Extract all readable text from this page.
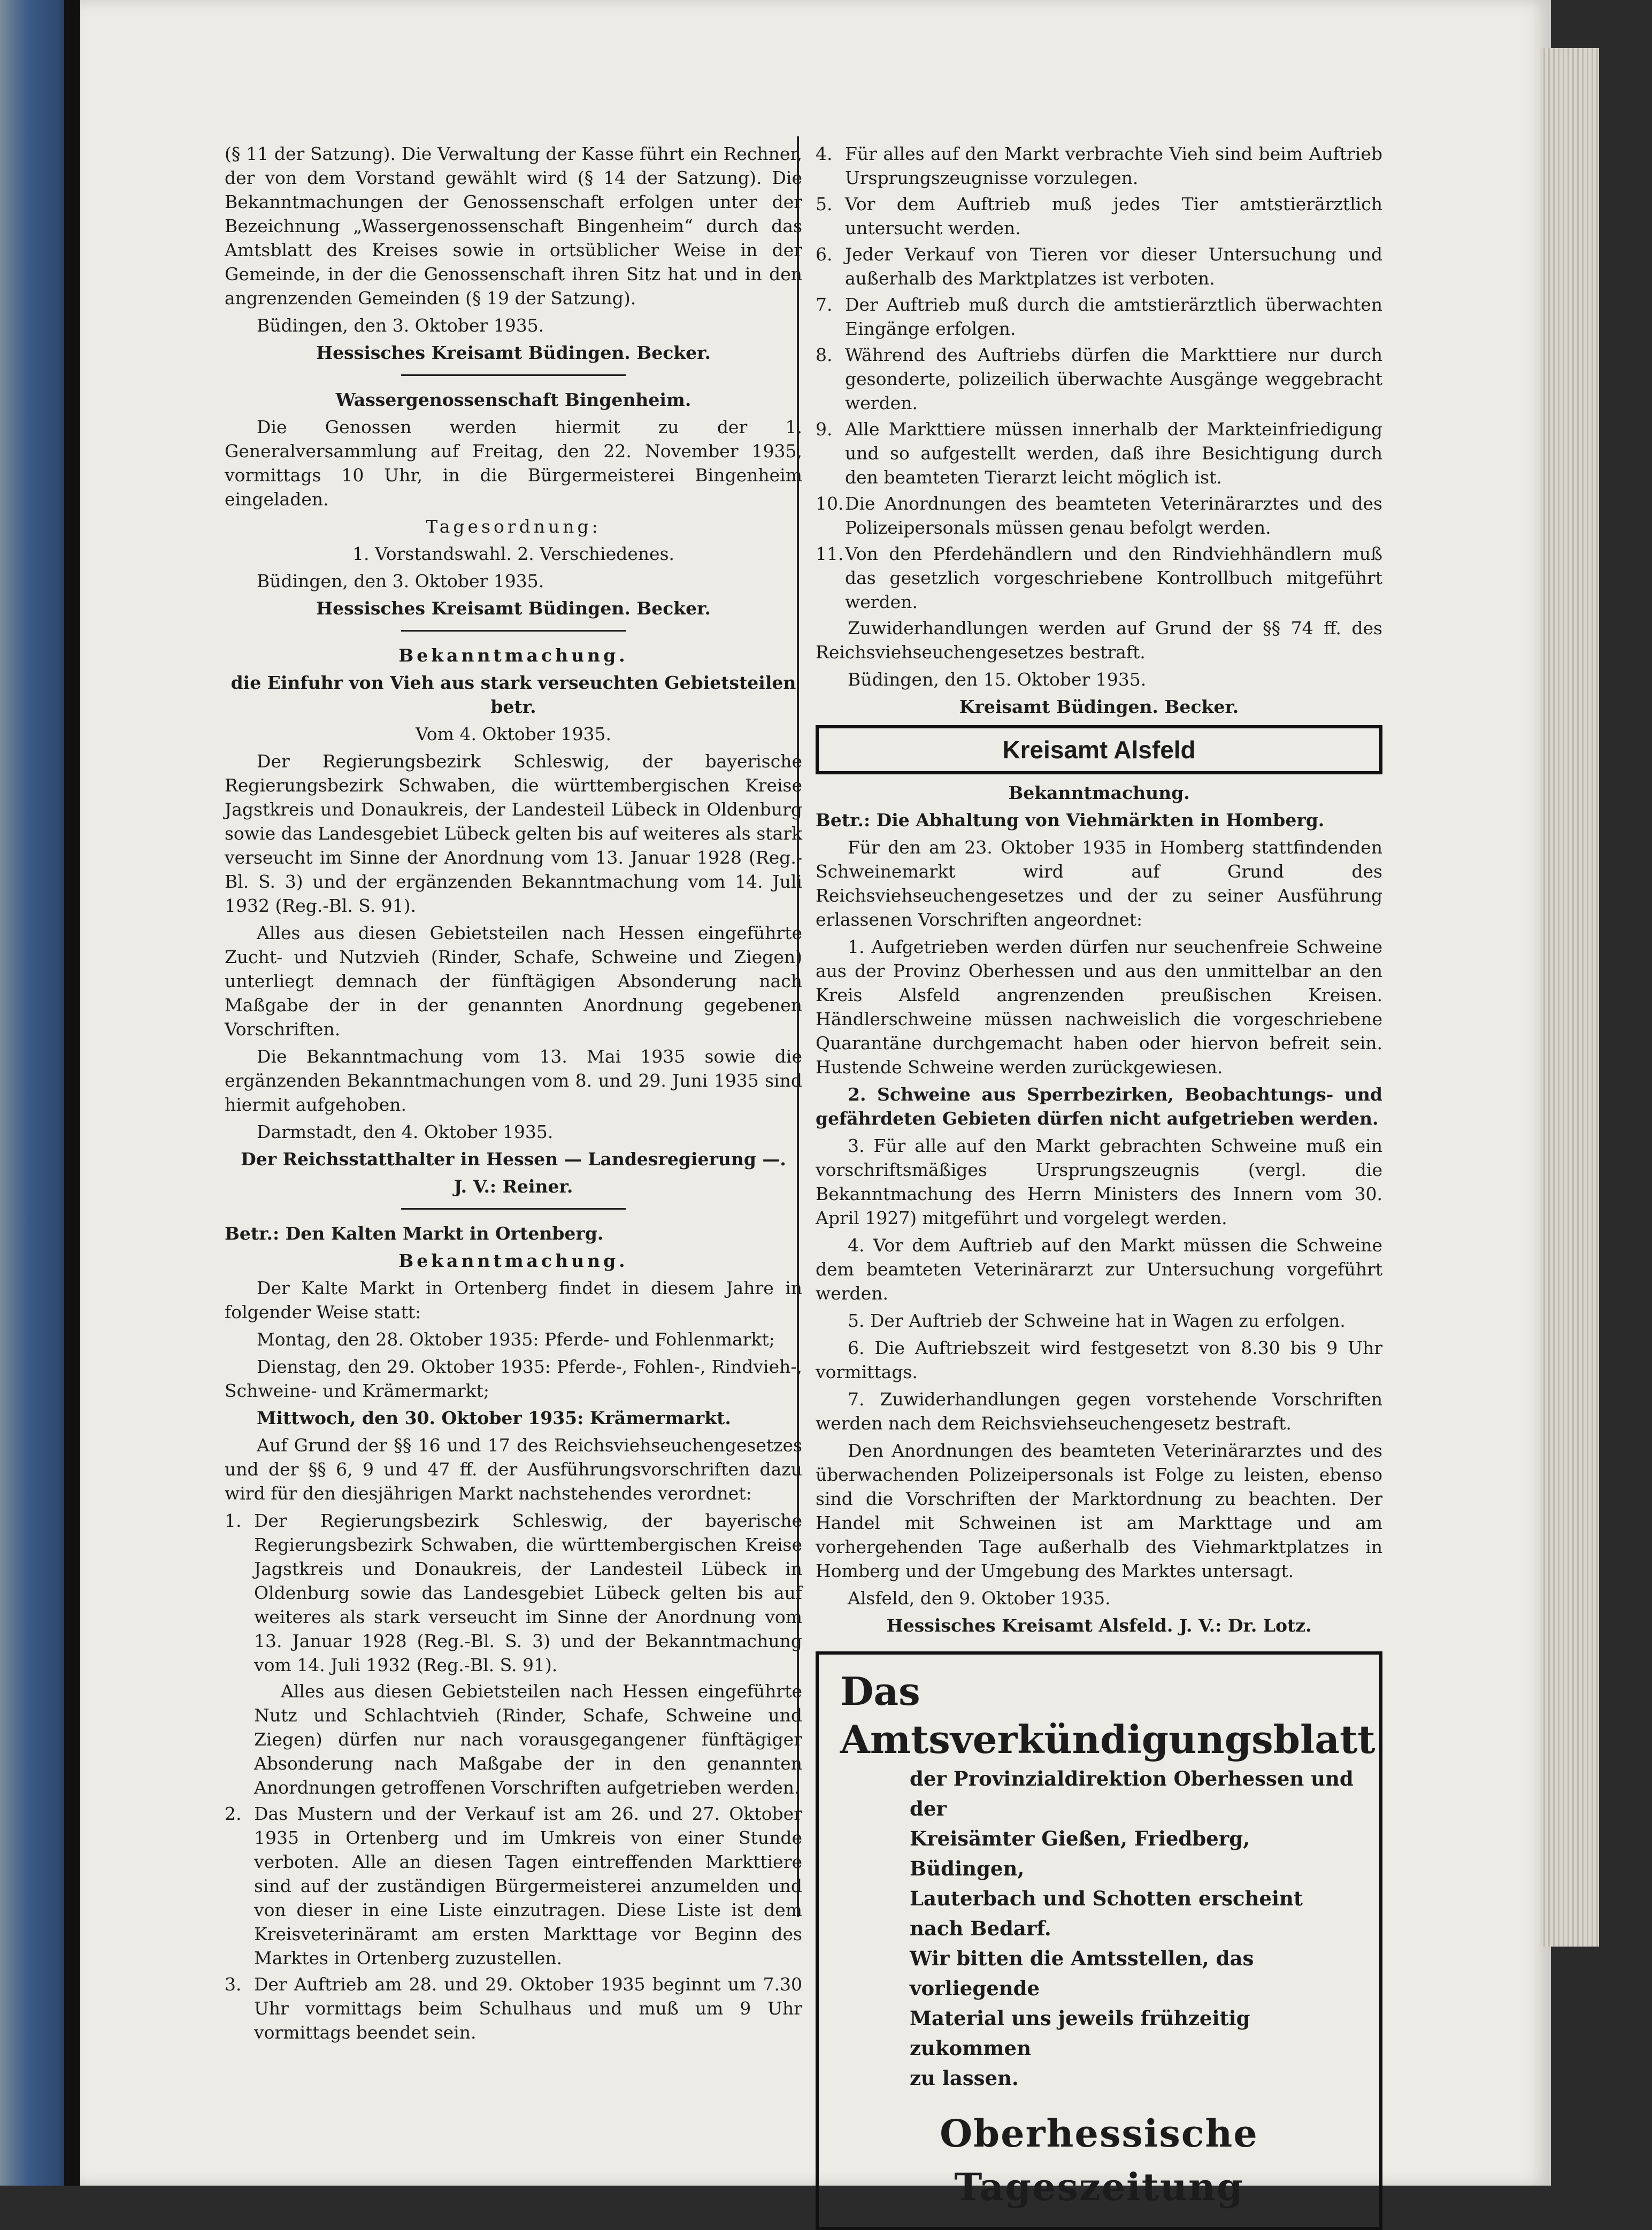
(§ 11 der Satzung). Die Verwaltung der Kasse führt ein Rechner, der von dem Vorstand gewählt wird (§ 14 der Satzung). Die Bekanntmachungen der Genossenschaft erfolgen unter der Bezeichnung „Wassergenossenschaft Bingenheim“ durch das Amtsblatt des Kreises sowie in ortsüblicher Weise in der Gemeinde, in der die Genossenschaft ihren Sitz hat und in den angrenzenden Gemeinden (§ 19 der Satzung).

Büdingen, den 3. Oktober 1935.

Hessisches Kreisamt Büdingen. Becker.

Wassergenossenschaft Bingenheim.

Die Genossen werden hiermit zu der 1. Generalversammlung auf Freitag, den 22. November 1935, vormittags 10 Uhr, in die Bürgermeisterei Bingenheim eingeladen.

Tagesordnung:

1. Vorstandswahl. 2. Verschiedenes.

Büdingen, den 3. Oktober 1935.

Hessisches Kreisamt Büdingen. Becker.

Bekanntmachung.

die Einfuhr von Vieh aus stark verseuchten Gebietsteilen betr.

Vom 4. Oktober 1935.

Der Regierungsbezirk Schleswig, der bayerische Regierungsbezirk Schwaben, die württembergischen Kreise Jagstkreis und Donaukreis, der Landesteil Lübeck in Oldenburg sowie das Landesgebiet Lübeck gelten bis auf weiteres als stark verseucht im Sinne der Anordnung vom 13. Januar 1928 (Reg.-Bl. S. 3) und der ergänzenden Bekanntmachung vom 14. Juli 1932 (Reg.-Bl. S. 91).

Alles aus diesen Gebietsteilen nach Hessen eingeführte Zucht- und Nutzvieh (Rinder, Schafe, Schweine und Ziegen) unterliegt demnach der fünftägigen Absonderung nach Maßgabe der in der genannten Anordnung gegebenen Vorschriften.

Die Bekanntmachung vom 13. Mai 1935 sowie die ergänzenden Bekanntmachungen vom 8. und 29. Juni 1935 sind hiermit aufgehoben.

Darmstadt, den 4. Oktober 1935.

Der Reichsstatthalter in Hessen — Landesregierung —.

J. V.: Reiner.

Betr.: Den Kalten Markt in Ortenberg.

Bekanntmachung.

Der Kalte Markt in Ortenberg findet in diesem Jahre in folgender Weise statt:

Montag, den 28. Oktober 1935: Pferde- und Fohlenmarkt;

Dienstag, den 29. Oktober 1935: Pferde-, Fohlen-, Rindvieh-, Schweine- und Krämermarkt;

Mittwoch, den 30. Oktober 1935: Krämermarkt.

Auf Grund der §§ 16 und 17 des Reichsviehseuchengesetzes und der §§ 6, 9 und 47 ff. der Ausführungsvorschriften dazu wird für den diesjährigen Markt nachstehendes verordnet:

1. Der Regierungsbezirk Schleswig, der bayerische Regierungsbezirk Schwaben, die württembergischen Kreise Jagstkreis und Donaukreis, der Landesteil Lübeck in Oldenburg sowie das Landesgebiet Lübeck gelten bis auf weiteres als stark verseucht im Sinne der Anordnung vom 13. Januar 1928 (Reg.-Bl. S. 3) und der Bekanntmachung vom 14. Juli 1932 (Reg.-Bl. S. 91).
Alles aus diesen Gebietsteilen nach Hessen eingeführte Nutz und Schlachtvieh (Rinder, Schafe, Schweine und Ziegen) dürfen nur nach vorausgegangener fünftägiger Absonderung nach Maßgabe der in den genannten Anordnungen getroffenen Vorschriften aufgetrieben werden.
2. Das Mustern und der Verkauf ist am 26. und 27. Oktober 1935 in Ortenberg und im Umkreis von einer Stunde verboten. Alle an diesen Tagen eintreffenden Markttiere sind auf der zuständigen Bürgermeisterei anzumelden und von dieser in eine Liste einzutragen. Diese Liste ist dem Kreisveterinäramt am ersten Markttage vor Beginn des Marktes in Ortenberg zuzustellen.
3. Der Auftrieb am 28. und 29. Oktober 1935 beginnt um 7.30 Uhr vormittags beim Schulhaus und muß um 9 Uhr vormittags beendet sein.
4. Für alles auf den Markt verbrachte Vieh sind beim Auftrieb Ursprungszeugnisse vorzulegen.
5. Vor dem Auftrieb muß jedes Tier amtstierärztlich untersucht werden.
6. Jeder Verkauf von Tieren vor dieser Untersuchung und außerhalb des Marktplatzes ist verboten.
7. Der Auftrieb muß durch die amtstierärztlich überwachten Eingänge erfolgen.
8. Während des Auftriebs dürfen die Markttiere nur durch gesonderte, polizeilich überwachte Ausgänge weggebracht werden.
9. Alle Markttiere müssen innerhalb der Markteinfriedigung und so aufgestellt werden, daß ihre Besichtigung durch den beamteten Tierarzt leicht möglich ist.
10. Die Anordnungen des beamteten Veterinärarztes und des Polizeipersonals müssen genau befolgt werden.
11. Von den Pferdehändlern und den Rindviehhändlern muß das gesetzlich vorgeschriebene Kontrollbuch mitgeführt werden.

Zuwiderhandlungen werden auf Grund der §§ 74 ff. des Reichsviehseuchengesetzes bestraft.

Büdingen, den 15. Oktober 1935.

Kreisamt Büdingen. Becker.

Kreisamt Alsfeld

Bekanntmachung.

Betr.: Die Abhaltung von Viehmärkten in Homberg.

Für den am 23. Oktober 1935 in Homberg stattfindenden Schweinemarkt wird auf Grund des Reichsviehseuchengesetzes und der zu seiner Ausführung erlassenen Vorschriften angeordnet:

1. Aufgetrieben werden dürfen nur seuchenfreie Schweine aus der Provinz Oberhessen und aus den unmittelbar an den Kreis Alsfeld angrenzenden preußischen Kreisen. Händlerschweine müssen nachweislich die vorgeschriebene Quarantäne durchgemacht haben oder hiervon befreit sein. Hustende Schweine werden zurückgewiesen.

2. Schweine aus Sperrbezirken, Beobachtungs- und gefährdeten Gebieten dürfen nicht aufgetrieben werden.

3. Für alle auf den Markt gebrachten Schweine muß ein vorschriftsmäßiges Ursprungszeugnis (vergl. die Bekanntmachung des Herrn Ministers des Innern vom 30. April 1927) mitgeführt und vorgelegt werden.

4. Vor dem Auftrieb auf den Markt müssen die Schweine dem beamteten Veterinärarzt zur Untersuchung vorgeführt werden.

5. Der Auftrieb der Schweine hat in Wagen zu erfolgen.

6. Die Auftriebszeit wird festgesetzt von 8.30 bis 9 Uhr vormittags.

7. Zuwiderhandlungen gegen vorstehende Vorschriften werden nach dem Reichsviehseuchengesetz bestraft.

Den Anordnungen des beamteten Veterinärarztes und des überwachenden Polizeipersonals ist Folge zu leisten, ebenso sind die Vorschriften der Marktordnung zu beachten. Der Handel mit Schweinen ist am Markttage und am vorhergehenden Tage außerhalb des Viehmarktplatzes in Homberg und der Umgebung des Marktes untersagt.

Alsfeld, den 9. Oktober 1935.

Hessisches Kreisamt Alsfeld. J. V.: Dr. Lotz.

Das
Amtsverkündigungsblatt
der Provinzialdirektion Oberhessen und der
Kreisämter Gießen, Friedberg, Büdingen,
Lauterbach und Schotten erscheint nach Bedarf.
Wir bitten die Amtsstellen, das vorliegende
Material uns jeweils frühzeitig zukommen
zu lassen.
Oberhessische Tageszeitung
